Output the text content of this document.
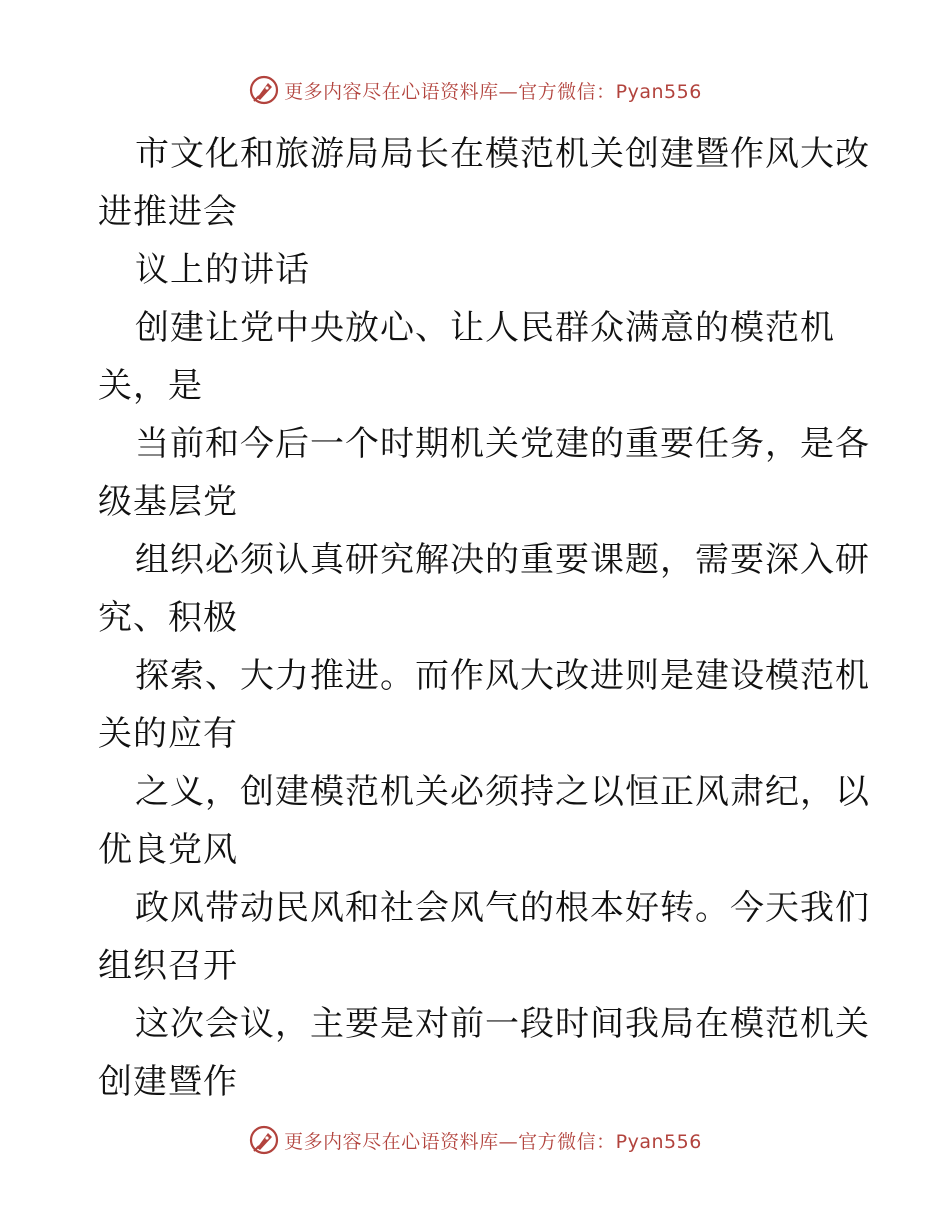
更多内容尽在心语资料库—官方微信：Pyan556

市文化和旅游局局长在模范机关创建暨作风大改

进推进会

议上的讲话

创建让党中央放心、让人民群众满意的模范机

关，是

当前和今后一个时期机关党建的重要任务，是各

级基层党

组织必须认真研究解决的重要课题，需要深入研

究、积极

探索、大力推进。而作风大改进则是建设模范机

关的应有

之义，创建模范机关必须持之以恒正风肃纪，以

优良党风

政风带动民风和社会风气的根本好转。今天我们

组织召开

这次会议，主要是对前一段时间我局在模范机关

创建暨作

更多内容尽在心语资料库—官方微信：Pyan556
